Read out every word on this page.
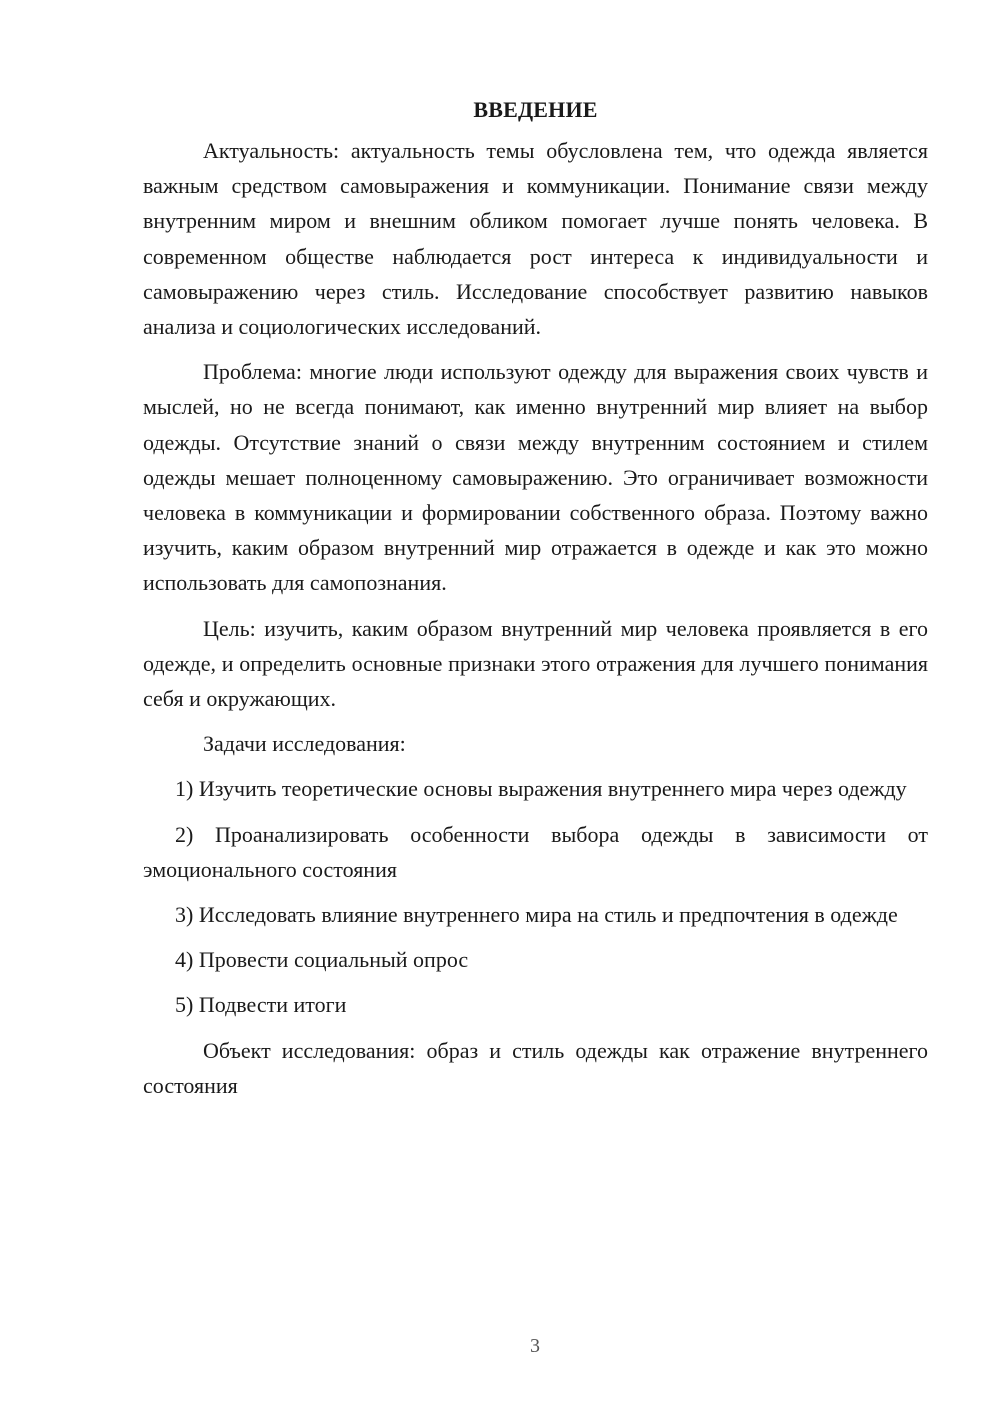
ВВЕДЕНИЕ

Актуальность: актуальность темы обусловлена тем, что одежда является важным средством самовыражения и коммуникации. Понимание связи между внутренним миром и внешним обликом помогает лучше понять человека. В современном обществе наблюдается рост интереса к индивидуальности и самовыражению через стиль. Исследование способствует развитию навыков анализа и социологических исследований.

Проблема: многие люди используют одежду для выражения своих чувств и мыслей, но не всегда понимают, как именно внутренний мир влияет на выбор одежды. Отсутствие знаний о связи между внутренним состоянием и стилем одежды мешает полноценному самовыражению. Это ограничивает возможности человека в коммуникации и формировании собственного образа. Поэтому важно изучить, каким образом внутренний мир отражается в одежде и как это можно использовать для самопознания.

Цель: изучить, каким образом внутренний мир человека проявляется в его одежде, и определить основные признаки этого отражения для лучшего понимания себя и окружающих.

Задачи исследования:

1) Изучить теоретические основы выражения внутреннего мира через одежду

2) Проанализировать особенности выбора одежды в зависимости от эмоционального состояния

3) Исследовать влияние внутреннего мира на стиль и предпочтения в одежде

4) Провести социальный опрос

5) Подвести итоги

Объект исследования: образ и стиль одежды как отражение внутреннего состояния

3
